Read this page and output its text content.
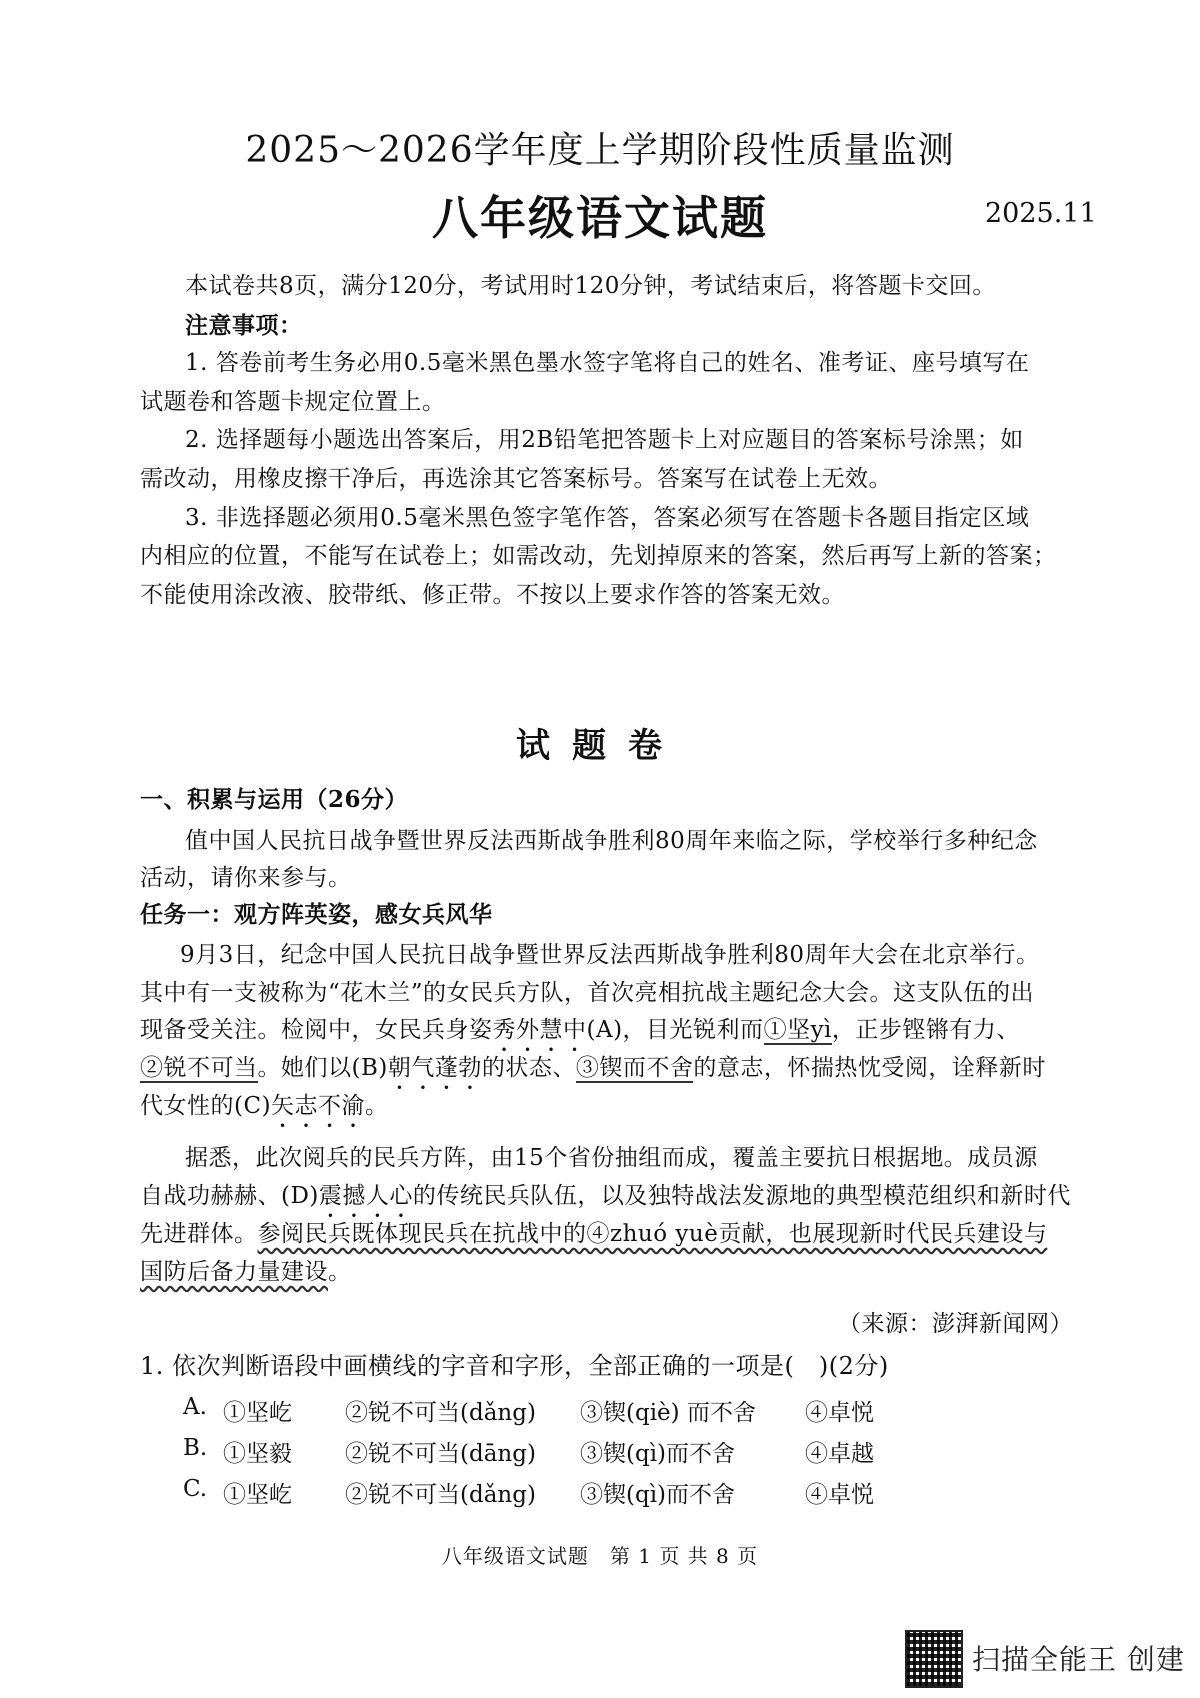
2025～2026学年度上学期阶段性质量监测
八年级语文试题	2025.11
本试卷共8页，满分120分，考试用时120分钟，考试结束后，将答题卡交回。
注意事项：
1. 答卷前考生务必用0.5毫米黑色墨水签字笔将自己的姓名、准考证、座号填写在
试题卷和答题卡规定位置上。
2. 选择题每小题选出答案后，用2B铅笔把答题卡上对应题目的答案标号涂黑；如
需改动，用橡皮擦干净后，再选涂其它答案标号。答案写在试卷上无效。
3. 非选择题必须用0.5毫米黑色签字笔作答，答案必须写在答题卡各题目指定区域
内相应的位置，不能写在试卷上；如需改动，先划掉原来的答案，然后再写上新的答案；
不能使用涂改液、胶带纸、修正带。不按以上要求作答的答案无效。
试题卷
一、积累与运用（26分）
值中国人民抗日战争暨世界反法西斯战争胜利80周年来临之际，学校举行多种纪念
活动，请你来参与。
任务一：观方阵英姿，感女兵风华
9月3日，纪念中国人民抗日战争暨世界反法西斯战争胜利80周年大会在北京举行。
其中有一支被称为“花木兰”的女民兵方队，首次亮相抗战主题纪念大会。这支队伍的出
现备受关注。检阅中，女民兵身姿秀外慧中(A)，目光锐利而①坚yì，正步铿锵有力、
②锐不可当。她们以(B)朝气蓬勃的状态、③锲而不舍的意志，怀揣热忱受阅，诠释新时
代女性的(C)矢志不渝。
据悉，此次阅兵的民兵方阵，由15个省份抽组而成，覆盖主要抗日根据地。成员源
自战功赫赫、(D)震撼人心的传统民兵队伍，以及独特战法发源地的典型模范组织和新时代
先进群体。参阅民兵既体现民兵在抗战中的④zhuó yuè贡献，也展现新时代民兵建设与
国防后备力量建设。
（来源：澎湃新闻网）
1. 依次判断语段中画横线的字音和字形，全部正确的一项是(　)(2分)
A. ①坚屹 ②锐不可当(dǎng) ③锲(qiè) 而不舍 ④卓悦
B. ①坚毅 ②锐不可当(dāng) ③锲(qì)而不舍	④卓越
C. ①坚屹 ②锐不可当(dǎng) ③锲(qì)而不舍	④卓悦
八年级语文试题　第 1 页 共 8 页
扫描全能王 创建
